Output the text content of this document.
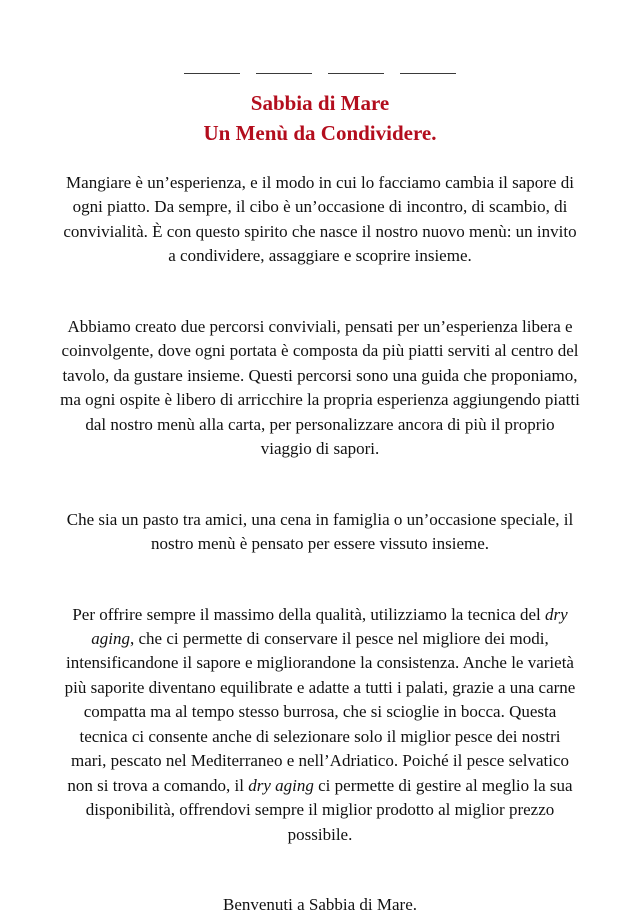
Sabbia di Mare
Un Menù da Condividere.

Mangiare è un’esperienza, e il modo in cui lo facciamo cambia il sapore di ogni piatto. Da sempre, il cibo è un’occasione di incontro, di scambio, di convivialità. È con questo spirito che nasce il nostro nuovo menù: un invito a condividere, assaggiare e scoprire insieme.

Abbiamo creato due percorsi conviviali, pensati per un’esperienza libera e coinvolgente, dove ogni portata è composta da più piatti serviti al centro del tavolo, da gustare insieme. Questi percorsi sono una guida che proponiamo, ma ogni ospite è libero di arricchire la propria esperienza aggiungendo piatti dal nostro menù alla carta, per personalizzare ancora di più il proprio viaggio di sapori.

Che sia un pasto tra amici, una cena in famiglia o un’occasione speciale, il nostro menù è pensato per essere vissuto insieme.

Per offrire sempre il massimo della qualità, utilizziamo la tecnica del dry aging, che ci permette di conservare il pesce nel migliore dei modi, intensificandone il sapore e migliorandone la consistenza. Anche le varietà più saporite diventano equilibrate e adatte a tutti i palati, grazie a una carne compatta ma al tempo stesso burrosa, che si scioglie in bocca. Questa tecnica ci consente anche di selezionare solo il miglior pesce dei nostri mari, pescato nel Mediterraneo e nell’Adriatico. Poiché il pesce selvatico non si trova a comando, il dry aging ci permette di gestire al meglio la sua disponibilità, offrendovi sempre il miglior prodotto al miglior prezzo possibile.

Benvenuti a Sabbia di Mare.
